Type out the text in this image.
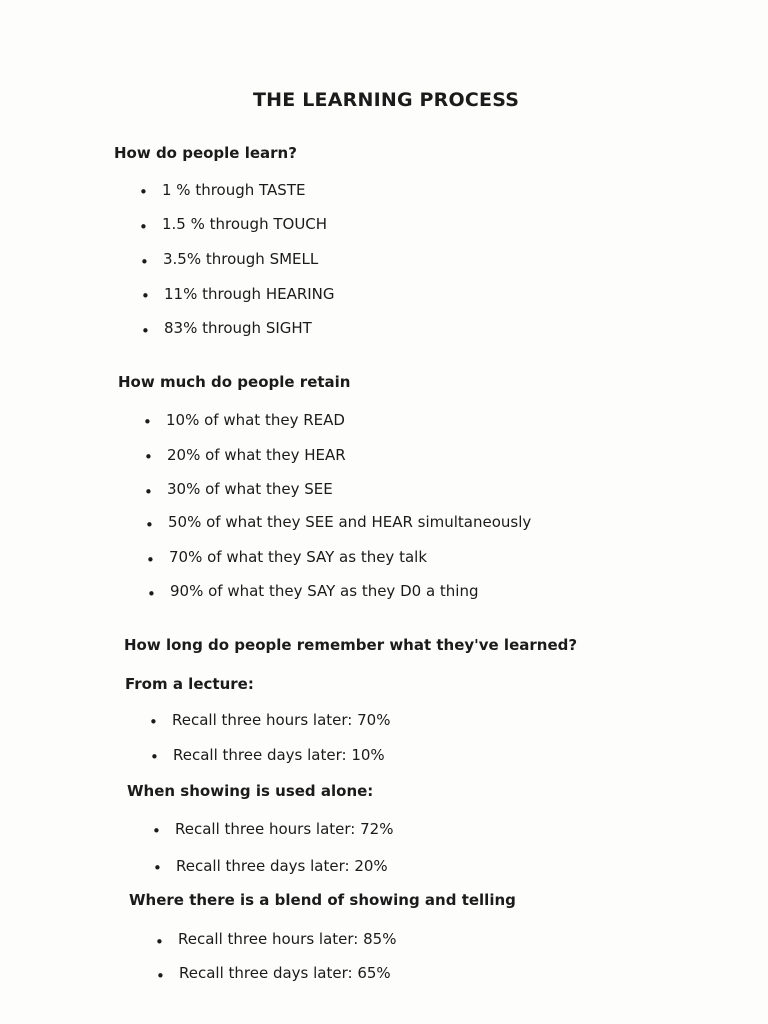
THE LEARNING PROCESS
How do people learn?
• 1 % through TASTE
• 1.5 % through TOUCH
• 3.5% through SMELL
• 11% through HEARING
• 83% through SIGHT
How much do people retain
• 10% of what they READ
• 20% of what they HEAR
• 30% of what they SEE
• 50% of what they SEE and HEAR simultaneously
• 70% of what they SAY as they talk
• 90% of what they SAY as they D0 a thing
How long do people remember what they've learned?
From a lecture:
• Recall three hours later: 70%
• Recall three days later: 10%
When showing is used alone:
• Recall three hours later: 72%
• Recall three days later: 20%
Where there is a blend of showing and telling
• Recall three hours later: 85%
• Recall three days later: 65%
